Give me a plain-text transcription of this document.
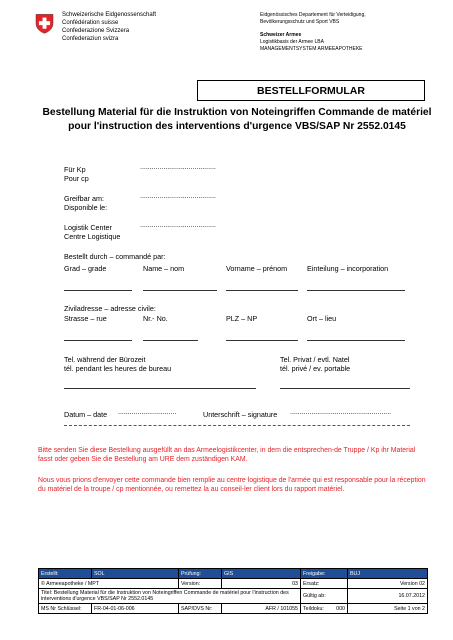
Schweizerische Eidgenossenschaft
Confédération suisse
Confederazione Svizzera
Confederaziun svizra
Eidgenössisches Departement für Verteidigung,
Bevölkerungsschutz und Sport VBS
Schweizer Armee
Logistikbasis der Armee LBA
MANAGEMENTSYSTEM ARMEEAPOTHEKE
BESTELLFORMULAR
Bestellung Material für die Instruktion von Noteingriffen Commande de matériel pour l'instruction des interventions d'urgence VBS/SAP Nr 2552.0145
Für Kp
Pour cp
.......................................
Greifbar am:
Disponible le:
.......................................
Logistik Center
Centre Logistique
.......................................
Bestellt durch – commandé par:
Grad – grade	Name – nom	Vorname – prénom	Einteilung – incorporation
Ziviladresse – adresse civile:
Strasse – rue	Nr.- No.	PLZ – NP	Ort – lieu
Tel. während der Bürozeit
tél. pendant les heures de bureau
Tel. Privat / evtl. Natel
tél. privé / ev. portable
Datum – date ..............................	Unterschrift – signature ....................................................
Bitte senden Sie diese Bestellung ausgefüllt an das Armeelogistikcenter, in dem die entsprechen-de Truppe / Kp ihr Material fasst oder geben Sie die Bestellung am URE dem zuständigen KAM.
Nous vous prions d'envoyer cette commande bien remplie au centre logistique de l'armée qui est responsable pour la réception du matériel de la troupe / cp mentionnée, ou remettez la au conseil-ler client lors du rapport matériel.
Erstellt:	SOL	Prüfung:	GIS	Freigabe:	BUJ
© Armeeapotheke / MPT		Version:	03	Ersatz:	Version 02
Titel: Bestellung Material für die Instruktion von Noteingriffen Commande de matériel pour l'instruction des interventions d'urgence VBS/SAP Nr 2552.0145				Gültig ab:	16.07.2012
MS Nr Schlüssel:	FR-04-01-06-006	SAP/DVS Nr:	AFR / 101055	Teildoku: 000	Seite 1 von 2
